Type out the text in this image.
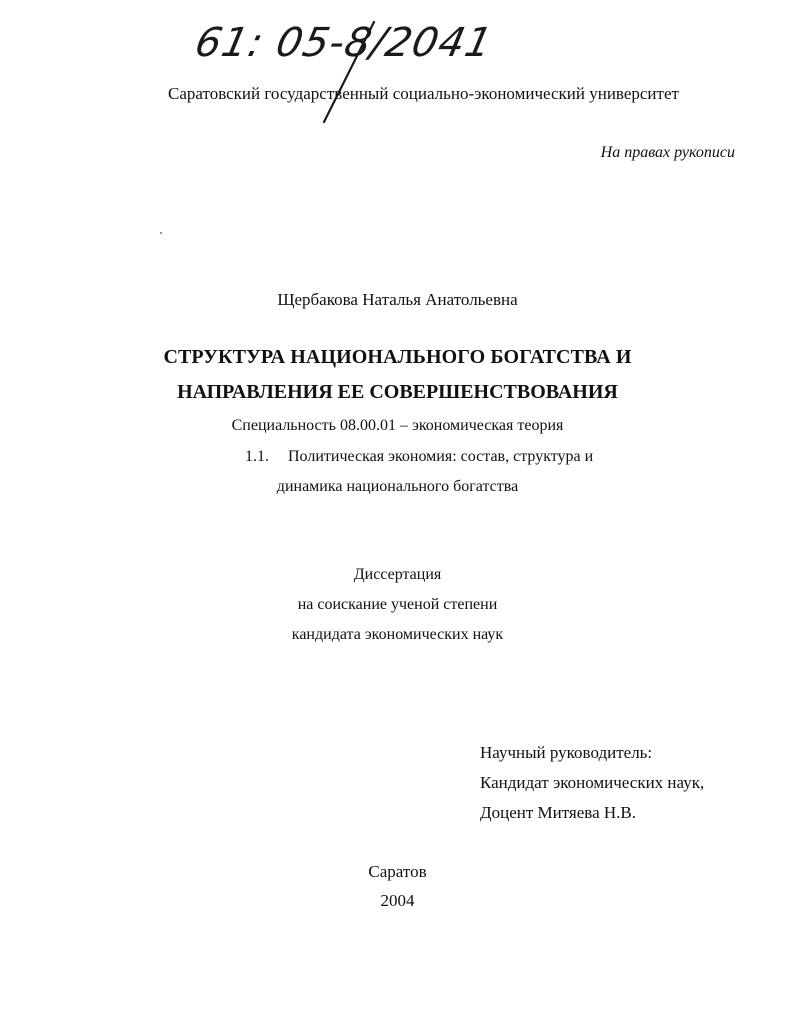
61: 05-8/2041
Саратовский государственный социально-экономический университет
На правах рукописи
Щербакова Наталья Анатольевна
СТРУКТУРА НАЦИОНАЛЬНОГО БОГАТСТВА И
НАПРАВЛЕНИЯ ЕЕ СОВЕРШЕНСТВОВАНИЯ
Специальность 08.00.01 – экономическая теория
1.1. Политическая экономия: состав, структура и
динамика национального богатства
Диссертация
на соискание ученой степени
кандидата экономических наук
Научный руководитель:
Кандидат экономических наук,
Доцент Митяева Н.В.
Саратов
2004
